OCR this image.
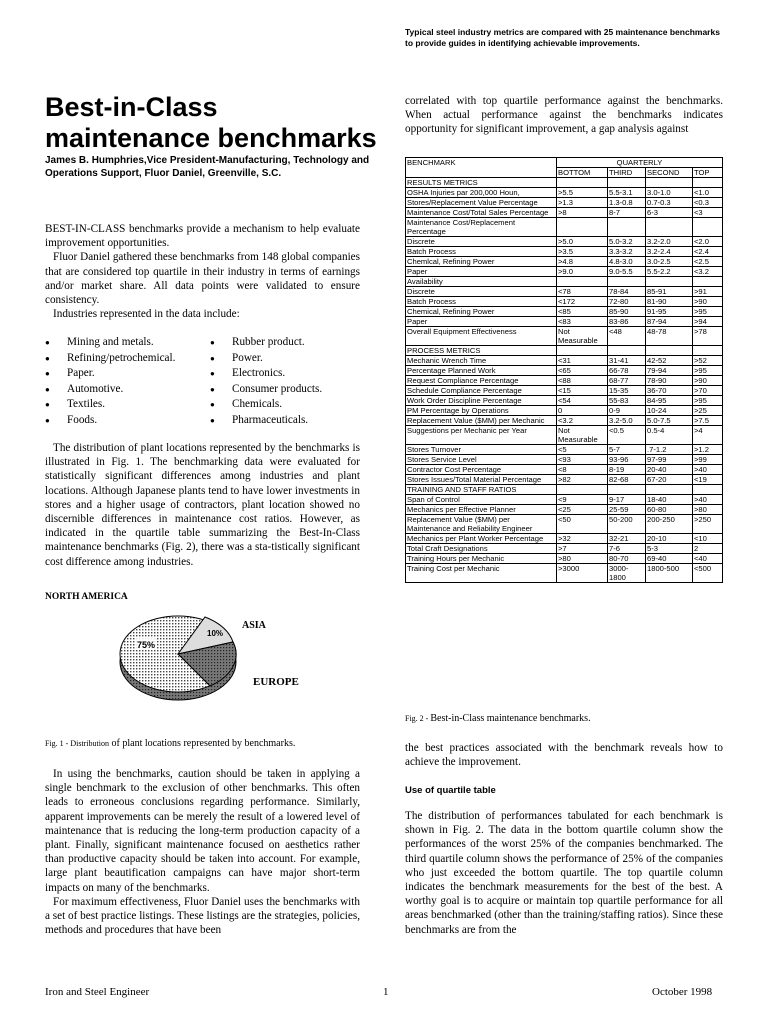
Typical steel industry metrics are compared with 25 maintenance benchmarks to provide guides in identifying achievable improvements.
Best-in-Class
maintenance benchmarks
James B. Humphries,Vice President-Manufacturing, Technology and Operations Support, Fluor Daniel, Greenville, S.C.

BEST-IN-CLASS benchmarks provide a mechanism to help evaluate improvement opportunities.

Fluor Daniel gathered these benchmarks from 148 global companies that are considered top quartile in their industry in terms of earnings and/or market share. All data points were validated to ensure consistency.

Industries represented in the data include:

● Mining and metals.
● Refining/petrochemical.
● Paper.
● Automotive.
● Textiles.
● Foods.
● Rubber product.
● Power.
● Electronics.
● Consumer products.
● Chemicals.
● Pharmaceuticals.

The distribution of plant locations represented by the benchmarks is illustrated in Fig. 1. The benchmarking data were evaluated for statistically significant differences among industries and plant locations. Although Japanese plants tend to have lower investments in stores and a higher usage of contractors, plant location showed no discernible differences in maintenance cost ratios. However, as indicated in the quartile table summarizing the Best-In-Class maintenance benchmarks (Fig. 2), there was a sta-tistically significant cost difference among industries.

NORTH AMERICA
ASIA
EUROPE
75%
10%
Fig. 1 - Distribution of plant locations represented by benchmarks.

In using the benchmarks, caution should be taken in applying a single benchmark to the exclusion of other benchmarks. This often leads to erroneous conclusions regarding performance. Similarly, apparent improvements can be merely the result of a lowered level of maintenance that is reducing the long-term production capacity of a plant. Finally, significant maintenance focused on aesthetics rather than productive capacity should be taken into account. For example, large plant beautification campaigns can have major short-term impacts on many of the benchmarks.

For maximum effectiveness, Fluor Daniel uses the benchmarks with a set of best practice listings. These listings are the strategies, policies, methods and procedures that have been

correlated with top quartile performance against the benchmarks. When actual performance against the benchmarks indicates opportunity for significant improvement, a gap analysis against

BENCHMARK	QUARTERLY			
	BOTTOM	THIRD	SECOND	TOP
RESULTS METRICS				
OSHA Injuries par 200,000 Houn,	>5.5	5.5-3.1	3.0-1.0	<1.0
Stores/Replacement Value Percentage	>1.3	1.3-0.8	0.7-0.3	<0.3
Maintenance Cost/Total Sales Percentage	>8	8-7	6-3	<3
Maintenance Cost/Replacement Percentage				
Discrete	>5.0	5.0-3.2	3.2-2.0	<2.0
Batch Process	>3.5	3.3-3.2	3.2-2.4	<2.4
Chemlcal, Refining Power	>4.8	4.8-3.0	3.0-2.5	<2.5
Paper	>9.0	9.0-5.5	5.5-2.2	<3.2
Availability				
Discrete	<78	78-84	85-91	>91
Batch Process	<172	72-80	81-90	>90
Chemical, Refining Power	<85	85-90	91-95	>95
Paper	<83	83-86	87-94	>94
Overall Equipment Effectiveness	Not Measurable	<48	48-78	>78
PROCESS METRICS				
Mechanic Wrench Time	<31	31-41	42-52	>52
Percentage Planned Work	<65	66-78	79-94	>95
Request Compliance Percentage	<88	68-77	78-90	>90
Schedule Compliance Percentage	<15	15-35	36-70	>70
Work Order Discipline Percentage	<54	55-83	84-95	>95
PM Percentage by Operations	0	0-9	10-24	>25
Replacement Value ($MM) per Mechanic	<3.2	3.2-5.0	5.0-7.5	>7.5
Suggestions per Mechanic per Year	Not Measurable	<0.5	0.5-4	>4
Stores Turnover	<5	5-7	.7-1.2	>1.2
Stores Service Level	<93	93-96	97-99	>99
Contractor Cost Percentage	<8	8-19	20-40	>40
Stores Issues/Total Material Percentage	>82	82-68	67-20	<19
TRAINING AND STAFF RATIOS				
Span of Control	<9	9-17	18-40	>40
Mechanics per Effective Planner	<25	25-59	60-80	>80
Replacement Value ($MM) per Maintenance and Reliability Engineer	<50	50-200	200-250	>250
Mechanics per Plant Worker Percentage	>32	32-21	20-10	<10
Total Craft Designations	>7	7-6	5-3	2
Training Hours per Mechanic	>80	80-70	69-40	<40
Training Cost per Mechanic	>3000	3000-1800	1800-500	<500
Fig. 2 - Best-in-Class maintenance benchmarks.

the best practices associated with the benchmark reveals how to achieve the improvement.

Use of quartile table

The distribution of performances tabulated for each benchmark is shown in Fig. 2. The data in the bottom quartile column show the performances of the worst 25% of the companies benchmarked. The third quartile column shows the performance of 25% of the companies who just exceeded the bottom quartile. The top quartile column indicates the benchmark measurements for the best of the best. A worthy goal is to acquire or maintain top quartile performance for all areas benchmarked (other than the training/staffing ratios). Since these benchmarks are from the

Iron and Steel Engineer	1	October 1998
